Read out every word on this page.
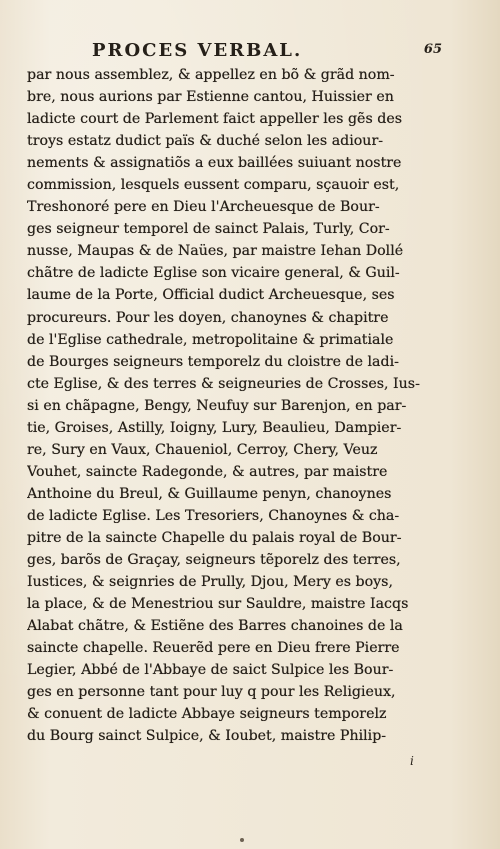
PROCES VERBAL.	65
par nous assemblez, & appellez en bõ & grãd nom-
bre, nous aurions par Estienne cantou, Huissier en
ladicte court de Parlement faict appeller les gẽs des
troys estatz dudict païs & duché selon les adiour-
nements & assignatiõs a eux baillées suiuant nostre
commission, lesquels eussent comparu, sçauoir est,
Treshonoré pere en Dieu l'Archeuesque de Bour-
ges seigneur temporel de sainct Palais, Turly, Cor-
nusse, Maupas & de Naües, par maistre Iehan Dollé
chãtre de ladicte Eglise son vicaire general, & Guil-
laume de la Porte, Official dudict Archeuesque, ses
procureurs. Pour les doyen, chanoynes & chapitre
de l'Eglise cathedrale, metropolitaine & primatiale
de Bourges seigneurs temporelz du cloistre de ladi-
cte Eglise, & des terres & seigneuries de Crosses, Ius-
si en chãpagne, Bengy, Neufuy sur Barenjon, en par-
tie, Groises, Astilly, Ioigny, Lury, Beaulieu, Dampier-
re, Sury en Vaux, Chaueniol, Cerroy, Chery, Veuz
Vouhet, saincte Radegonde, & autres, par maistre
Anthoine du Breul, & Guillaume penyn, chanoynes
de ladicte Eglise. Les Tresoriers, Chanoynes & cha-
pitre de la saincte Chapelle du palais royal de Bour-
ges, barõs de Graçay, seigneurs tẽporelz des terres,
Iustices, & seignries de Prully, Djou, Mery es boys,
la place, & de Menestriou sur Sauldre, maistre Iacqs
Alabat chãtre, & Estiẽne des Barres chanoines de la
saincte chapelle. Reuerẽd pere en Dieu frere Pierre
Legier, Abbé de l'Abbaye de saict Sulpice les Bour-
ges en personne tant pour luy q pour les Religieux,
& conuent de ladicte Abbaye seigneurs temporelz
du Bourg sainct Sulpice, & Ioubet, maistre Philip-
i
